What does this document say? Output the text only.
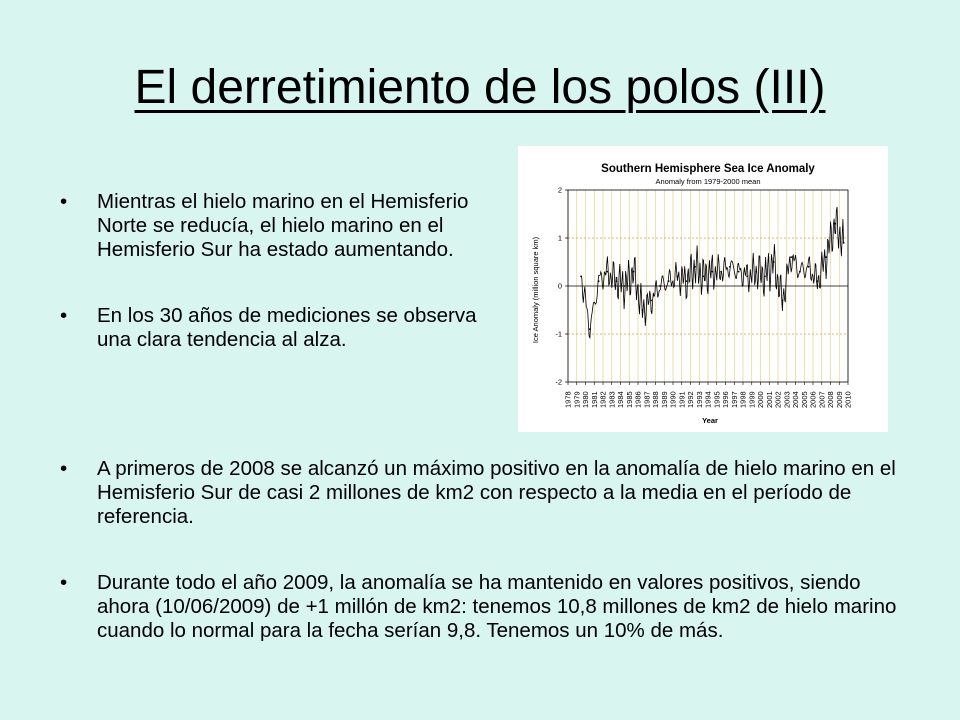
El derretimiento de los polos (III)
• Mientras el hielo marino en el Hemisferio Norte se reducía, el hielo marino en el Hemisferio Sur ha estado aumentando.
• En los 30 años de mediciones se observa una clara tendencia al alza.
Southern Hemisphere Sea Ice Anomaly
Anomaly from 1979-2000 mean
-2
-1
0
1
2
1978 1979 1980 1981 1982 1983 1984 1985 1986 1987 1988 1989 1990 1991 1992 1993 1994 1995 1996 1997 1998 1999 2000 2001 2002 2003 2004 2005 2006 2007 2008 2009 2010
Ice Anomaly (million square km)
Year
• A primeros de 2008 se alcanzó un máximo positivo en la anomalía de hielo marino en el Hemisferio Sur de casi 2 millones de km2 con respecto a la media en el período de referencia.
• Durante todo el año 2009, la anomalía se ha mantenido en valores positivos, siendo ahora (10/06/2009) de +1 millón de km2: tenemos 10,8 millones de km2 de hielo marino cuando lo normal para la fecha serían 9,8. Tenemos un 10% de más.
